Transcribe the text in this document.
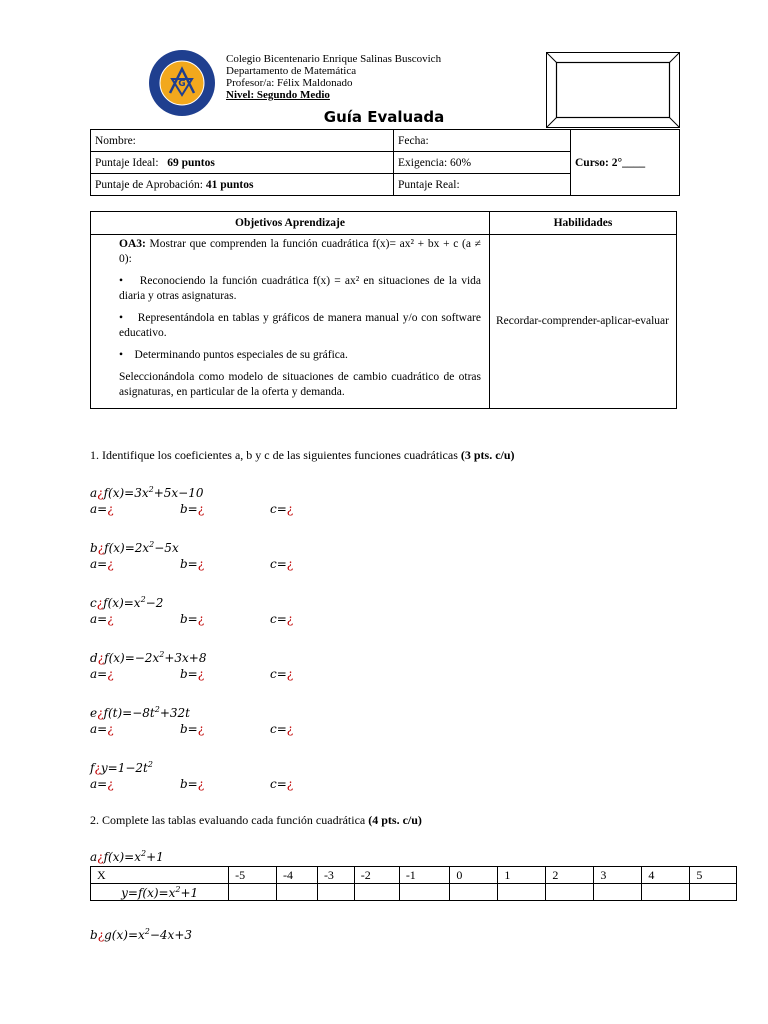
G
Colegio Bicentenario Enrique Salinas Buscovich
Departamento de Matemática
Profesor/a: Félix Maldonado
Nivel: Segundo Medio
Guía Evaluada
Nombre:	Fecha:	Curso: 2°____
Puntaje Ideal: 69 puntos	Exigencia: 60%	
Puntaje de Aprobación: 41 puntos	Puntaje Real:	
Objetivos Aprendizaje	Habilidades

OA3: Mostrar que comprenden la función cuadrática f(x)= ax² + bx + c (a ≠ 0):

•    Reconociendo la función cuadrática f(x) = ax² en situaciones de la vida diaria y otras asignaturas.

•    Representándola en tablas y gráficos de manera manual y/o con software educativo.

•    Determinando puntos especiales de su gráfica.

Seleccionándola como modelo de situaciones de cambio cuadrático de otras asignaturas, en particular de la oferta y demanda.	Recordar-comprender-aplicar-evaluar
1. Identifique los coeficientes a, b y c de las siguientes funciones cuadráticas (3 pts. c/u)
$a¿f(x)=3x^2+5x-10$
a=¿	b=¿	c=¿
$b¿f(x)=2x^2-5x$
a=¿	b=¿	c=¿
$c¿f(x)=x^2-2$
a=¿	b=¿	c=¿
$d¿f(x)=-2x^2+3x+8$
a=¿	b=¿	c=¿
$e¿f(t)=-8t^2+32t$
a=¿	b=¿	c=¿
$f¿y=1-2t^2$
a=¿	b=¿	c=¿
2. Complete las tablas evaluando cada función cuadrática (4 pts. c/u)
$a¿f(x)=x^2+1$
X	-5	-4	-3	-2	-1	0	1	2	3	4	5
$y=f(x)=x^2+1$											
$b¿g(x)=x^2-4x+3$
